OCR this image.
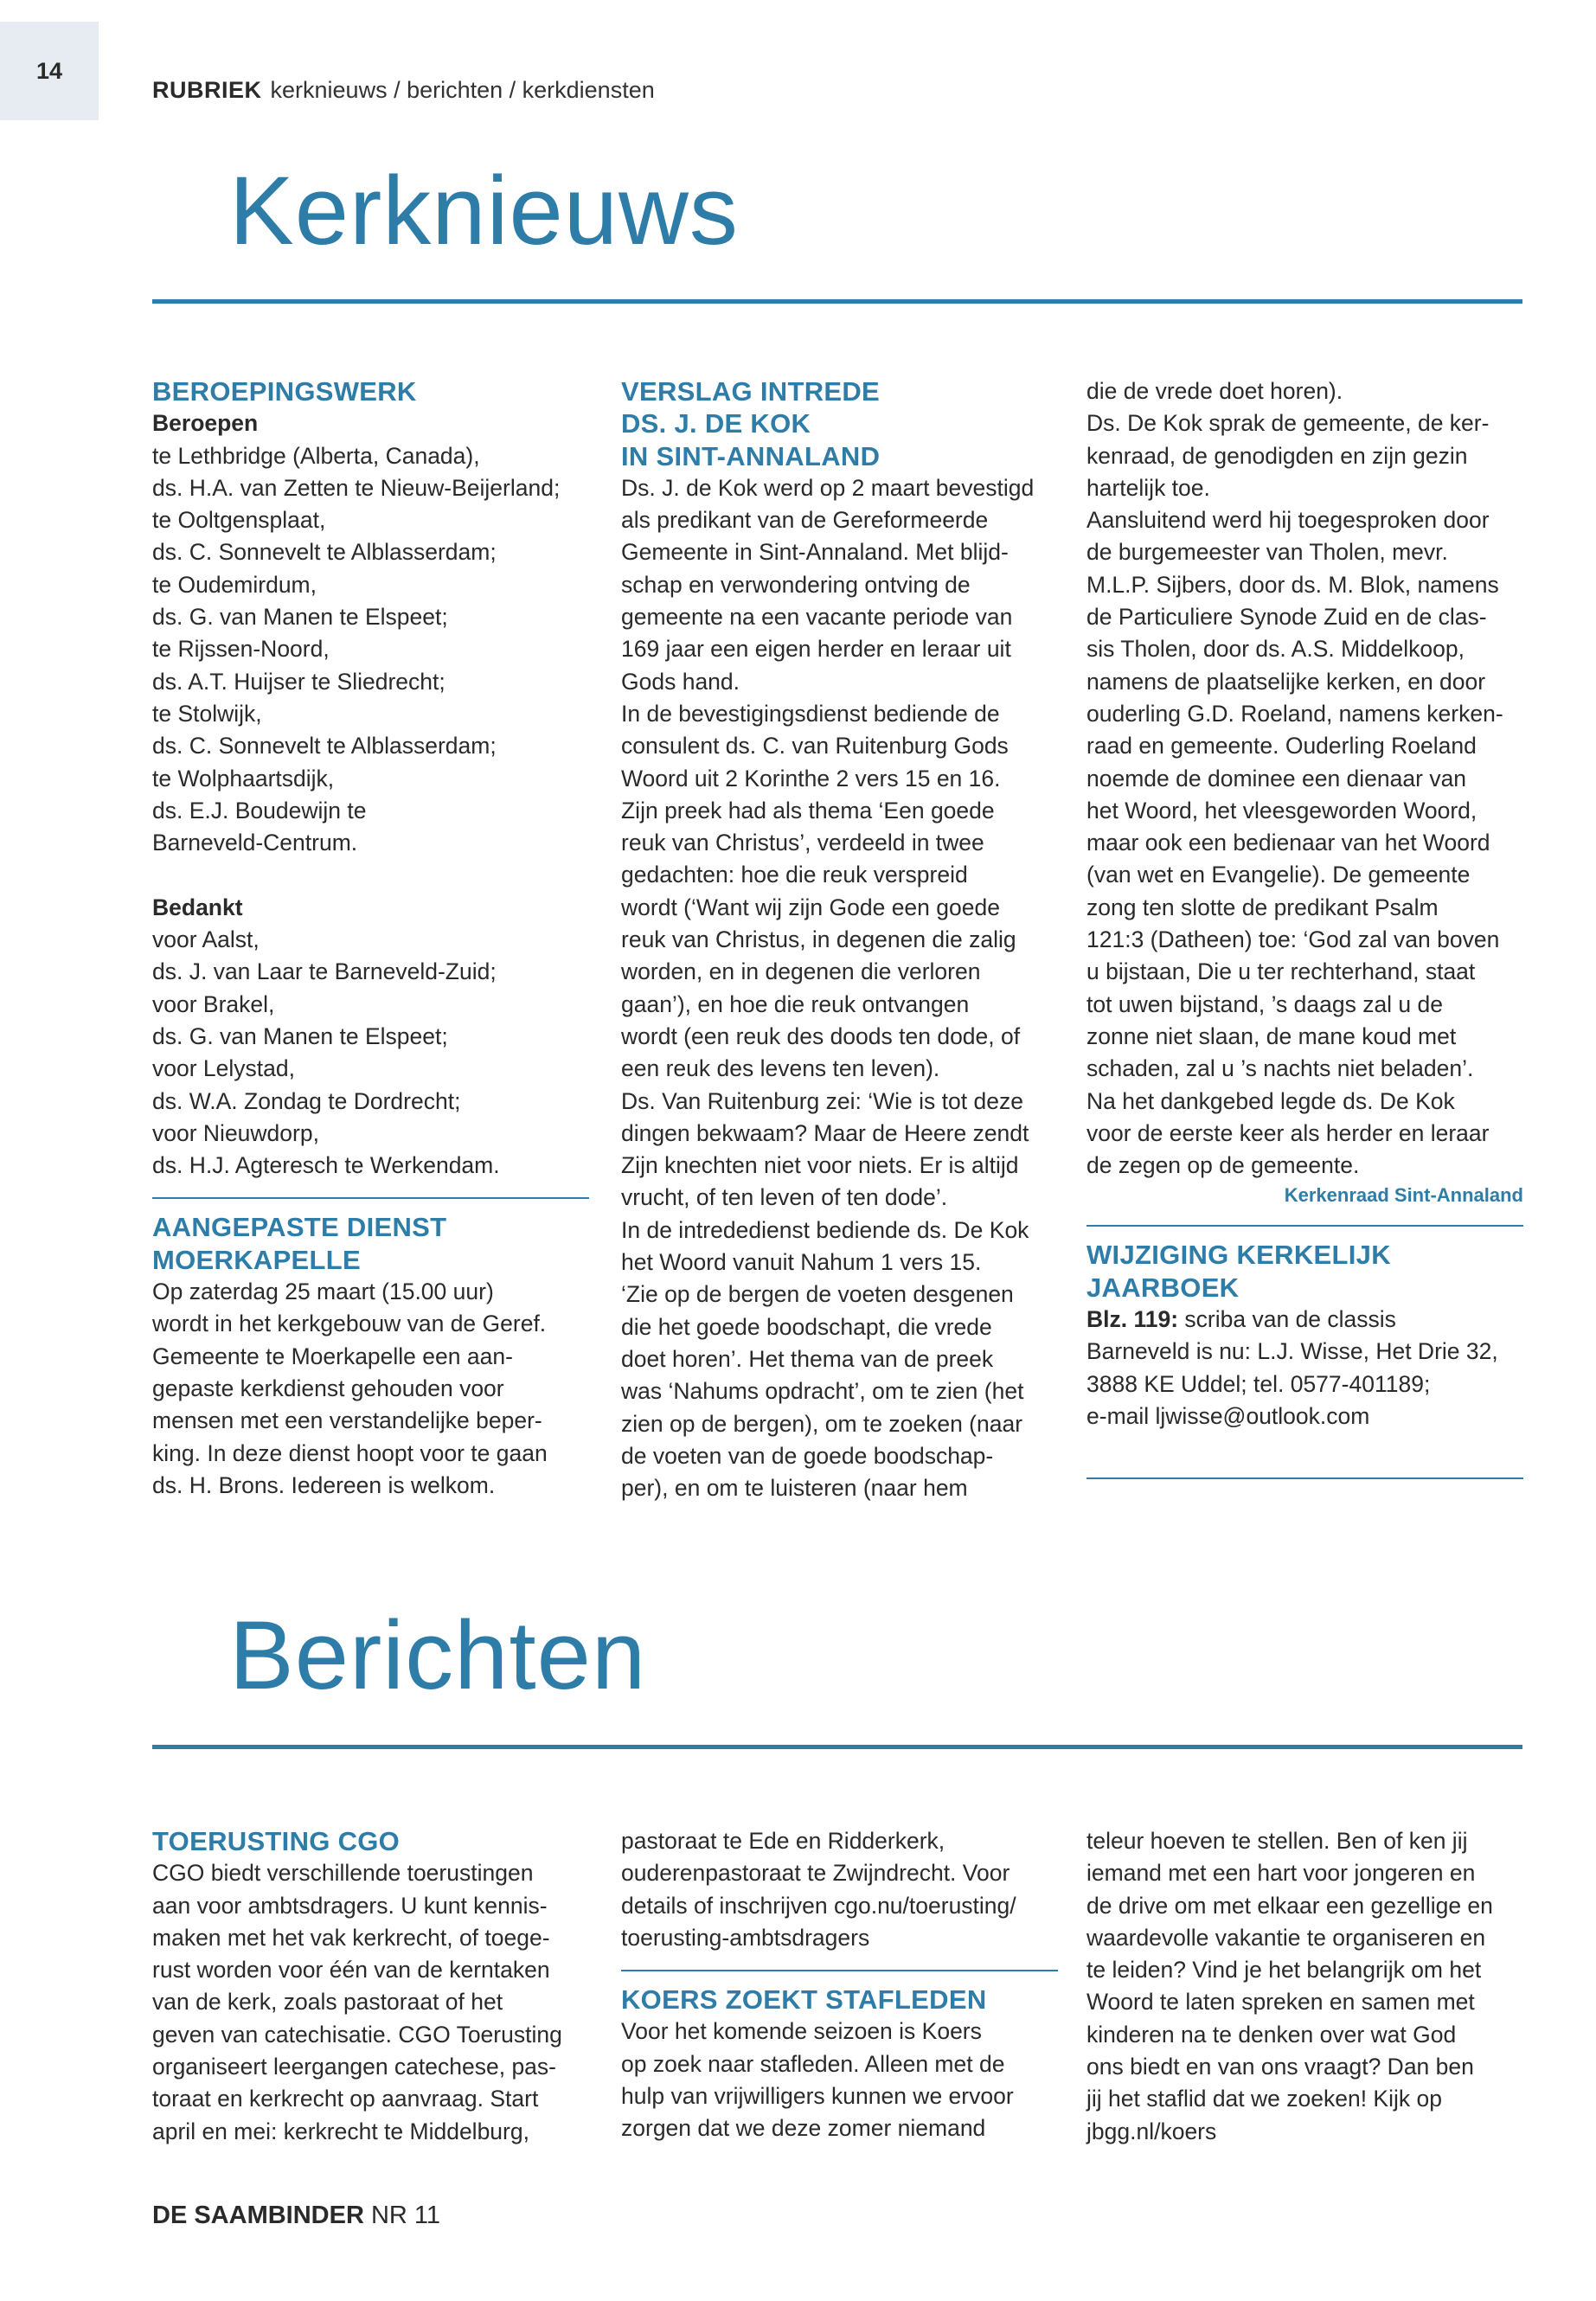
14
RUBRIEK kerknieuws / berichten / kerkdiensten
Kerknieuws

BEROEPINGSWERK

Beroepen

te Lethbridge (Alberta, Canada),

ds. H.A. van Zetten te Nieuw-Beijerland;

te Ooltgensplaat,

ds. C. Sonnevelt te Alblasserdam;

te Oudemirdum,

ds. G. van Manen te Elspeet;

te Rijssen-Noord,

ds. A.T. Huijser te Sliedrecht;

te Stolwijk,

ds. C. Sonnevelt te Alblasserdam;

te Wolphaartsdijk,

ds. E.J. Boudewijn te

Barneveld-Centrum.

Bedankt

voor Aalst,

ds. J. van Laar te Barneveld-Zuid;

voor Brakel,

ds. G. van Manen te Elspeet;

voor Lelystad,

ds. W.A. Zondag te Dordrecht;

voor Nieuwdorp,

ds. H.J. Agteresch te Werkendam.

AANGEPASTE DIENST

MOERKAPELLE

Op zaterdag 25 maart (15.00 uur)

wordt in het kerkgebouw van de Geref.

Gemeente te Moerkapelle een aan-

gepaste kerkdienst gehouden voor

mensen met een verstandelijke beper-

king. In deze dienst hoopt voor te gaan

ds. H. Brons. Iedereen is welkom.

VERSLAG INTREDE

DS. J. DE KOK

IN SINT-ANNALAND

Ds. J. de Kok werd op 2 maart bevestigd

als predikant van de Gereformeerde

Gemeente in Sint-Annaland. Met blijd-

schap en verwondering ontving de

gemeente na een vacante periode van

169 jaar een eigen herder en leraar uit

Gods hand.

In de bevestigingsdienst bediende de

consulent ds. C. van Ruitenburg Gods

Woord uit 2 Korinthe 2 vers 15 en 16.

Zijn preek had als thema ‘Een goede

reuk van Christus’, verdeeld in twee

gedachten: hoe die reuk verspreid

wordt (‘Want wij zijn Gode een goede

reuk van Christus, in degenen die zalig

worden, en in degenen die verloren

gaan’), en hoe die reuk ontvangen

wordt (een reuk des doods ten dode, of

een reuk des levens ten leven).

Ds. Van Ruitenburg zei: ‘Wie is tot deze

dingen bekwaam? Maar de Heere zendt

Zijn knechten niet voor niets. Er is altijd

vrucht, of ten leven of ten dode’.

In de intrededienst bediende ds. De Kok

het Woord vanuit Nahum 1 vers 15.

‘Zie op de bergen de voeten desgenen

die het goede boodschapt, die vrede

doet horen’. Het thema van de preek

was ‘Nahums opdracht’, om te zien (het

zien op de bergen), om te zoeken (naar

de voeten van de goede boodschap-

per), en om te luisteren (naar hem

die de vrede doet horen).

Ds. De Kok sprak de gemeente, de ker-

kenraad, de genodigden en zijn gezin

hartelijk toe.

Aansluitend werd hij toegesproken door

de burgemeester van Tholen, mevr.

M.L.P. Sijbers, door ds. M. Blok, namens

de Particuliere Synode Zuid en de clas-

sis Tholen, door ds. A.S. Middelkoop,

namens de plaatselijke kerken, en door

ouderling G.D. Roeland, namens kerken-

raad en gemeente. Ouderling Roeland

noemde de dominee een dienaar van

het Woord, het vleesgeworden Woord,

maar ook een bedienaar van het Woord

(van wet en Evangelie). De gemeente

zong ten slotte de predikant Psalm

121:3 (Datheen) toe: ‘God zal van boven

u bijstaan, Die u ter rechterhand, staat

tot uwen bijstand, ’s daags zal u de

zonne niet slaan, de mane koud met

schaden, zal u ’s nachts niet beladen’.

Na het dankgebed legde ds. De Kok

voor de eerste keer als herder en leraar

de zegen op de gemeente.

Kerkenraad Sint-Annaland

WIJZIGING KERKELIJK

JAARBOEK

Blz. 119: scriba van de classis

Barneveld is nu: L.J. Wisse, Het Drie 32,

3888 KE Uddel; tel. 0577-401189;

e-mail ljwisse@outlook.com

Berichten

TOERUSTING CGO

CGO biedt verschillende toerustingen

aan voor ambtsdragers. U kunt kennis-

maken met het vak kerkrecht, of toege-

rust worden voor één van de kerntaken

van de kerk, zoals pastoraat of het

geven van catechisatie. CGO Toerusting

organiseert leergangen catechese, pas-

toraat en kerkrecht op aanvraag. Start

april en mei: kerkrecht te Middelburg,

pastoraat te Ede en Ridderkerk,

ouderenpastoraat te Zwijndrecht. Voor

details of inschrijven cgo.nu/toerusting/

toerusting-ambtsdragers

KOERS ZOEKT STAFLEDEN

Voor het komende seizoen is Koers

op zoek naar stafleden. Alleen met de

hulp van vrijwilligers kunnen we ervoor

zorgen dat we deze zomer niemand

teleur hoeven te stellen. Ben of ken jij

iemand met een hart voor jongeren en

de drive om met elkaar een gezellige en

waardevolle vakantie te organiseren en

te leiden? Vind je het belangrijk om het

Woord te laten spreken en samen met

kinderen na te denken over wat God

ons biedt en van ons vraagt? Dan ben

jij het staflid dat we zoeken! Kijk op

jbgg.nl/koers

DE SAAMBINDER NR 11
